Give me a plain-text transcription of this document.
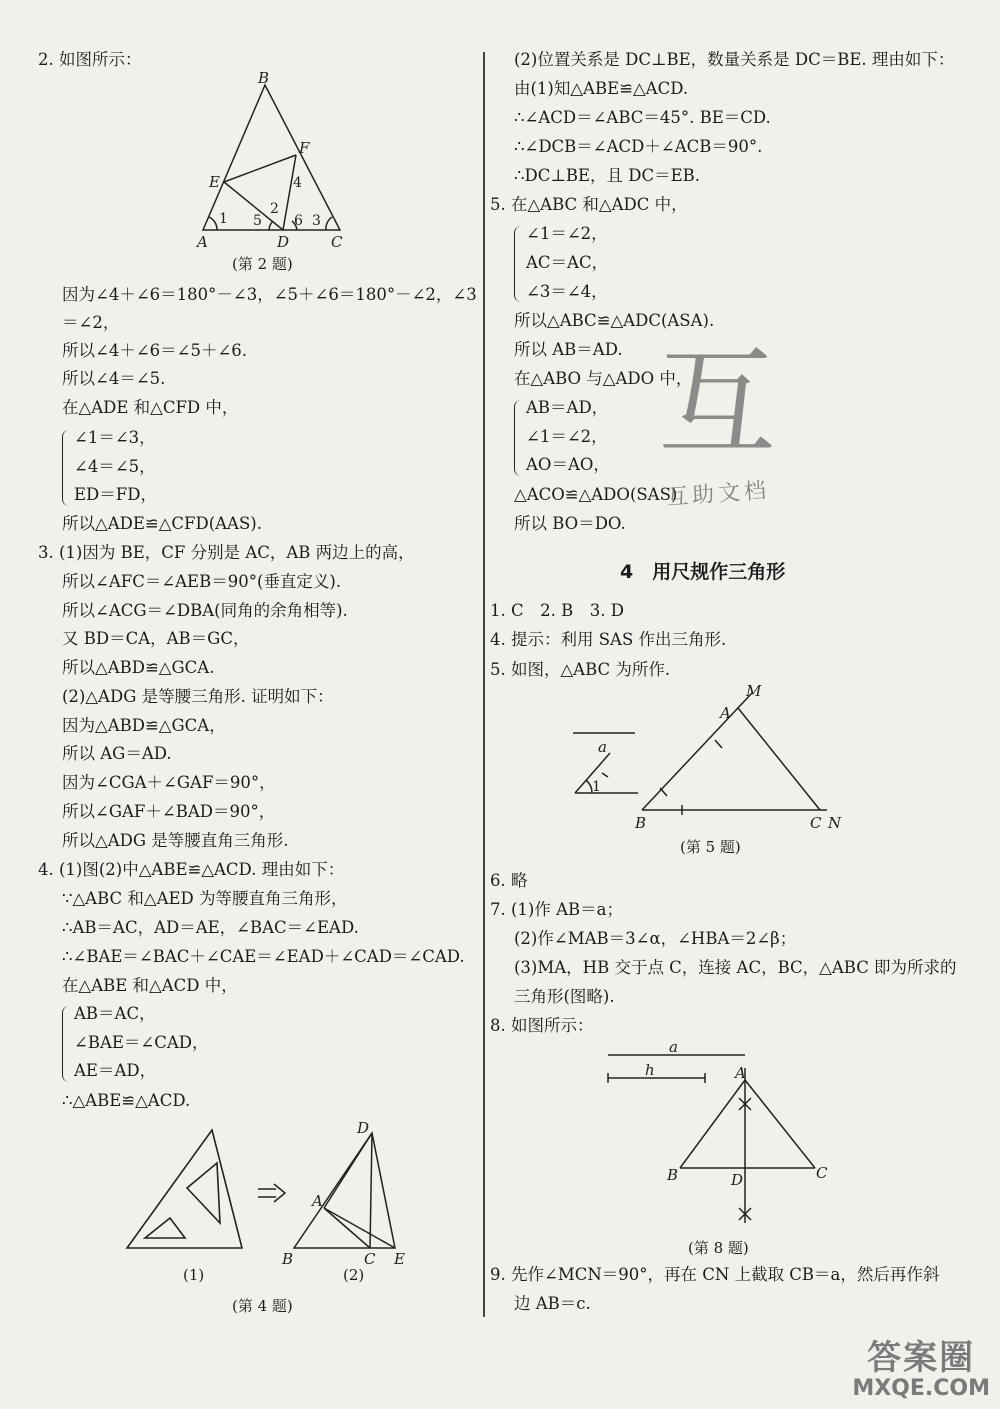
2. 如图所示：
B
F
E	4
2
1 5 6 3
A	D	C
(第 2 题)
因为∠4＋∠6＝180°－∠3，∠5＋∠6＝180°－∠2，∠3
＝∠2，
所以∠4＋∠6＝∠5＋∠6.
所以∠4＝∠5.
在△ADE 和△CFD 中，
∠1＝∠3，
∠4＝∠5，
ED＝FD，
所以△ADE≌△CFD(AAS).
3. (1)因为 BE，CF 分别是 AC，AB 两边上的高，
所以∠AFC＝∠AEB＝90°(垂直定义).
所以∠ACG＝∠DBA(同角的余角相等).
又 BD＝CA，AB＝GC，
所以△ABD≌△GCA.
(2)△ADG 是等腰三角形. 证明如下：
因为△ABD≌△GCA，
所以 AG＝AD.
因为∠CGA＋∠GAF＝90°，
所以∠GAF＋∠BAD＝90°，
所以△ADG 是等腰直角三角形.
4. (1)图(2)中△ABE≌△ACD. 理由如下：
∵△ABC 和△AED 为等腰直角三角形，
∴AB＝AC，AD＝AE，∠BAC＝∠EAD.
∴∠BAE＝∠BAC＋∠CAE＝∠EAD＋∠CAD＝∠CAD.
在△ABE 和△ACD 中，
AB＝AC，
∠BAE＝∠CAD，
AE＝AD，
∴△ABE≌△ACD.
(1)
D
A
B	C E
(2)
(第 4 题)
(2)位置关系是 DC⊥BE，数量关系是 DC＝BE. 理由如下：
由(1)知△ABE≌△ACD.
∴∠ACD＝∠ABC＝45°. BE＝CD.
∴∠DCB＝∠ACD＋∠ACB＝90°.
∴DC⊥BE，且 DC＝EB.
5. 在△ABC 和△ADC 中，
∠1＝∠2，
AC＝AC，
∠3＝∠4，
所以△ABC≌△ADC(ASA).
所以 AB＝AD.
在△ABO 与△ADO 中，
AB＝AD，
∠1＝∠2，
AO＝AO，
△ACO≌△ADO(SAS)
所以 BO＝DO.
互
互助文档
4　用尺规作三角形
1. C　2. B　3. D
4. 提示：利用 SAS 作出三角形.
5. 如图，△ABC 为所作.
M
A
a
1
B	C N
(第 5 题)
6. 略
7. (1)作 AB＝a；
(2)作∠MAB＝3∠α，∠HBA＝2∠β；
(3)MA，HB 交于点 C，连接 AC，BC，△ABC 即为所求的
三角形(图略).
8. 如图所示：
a
h	A
B	D	C
(第 8 题)
9. 先作∠MCN＝90°，再在 CN 上截取 CB＝a，然后再作斜
边 AB＝c.
答案圈
MXQE.COM
